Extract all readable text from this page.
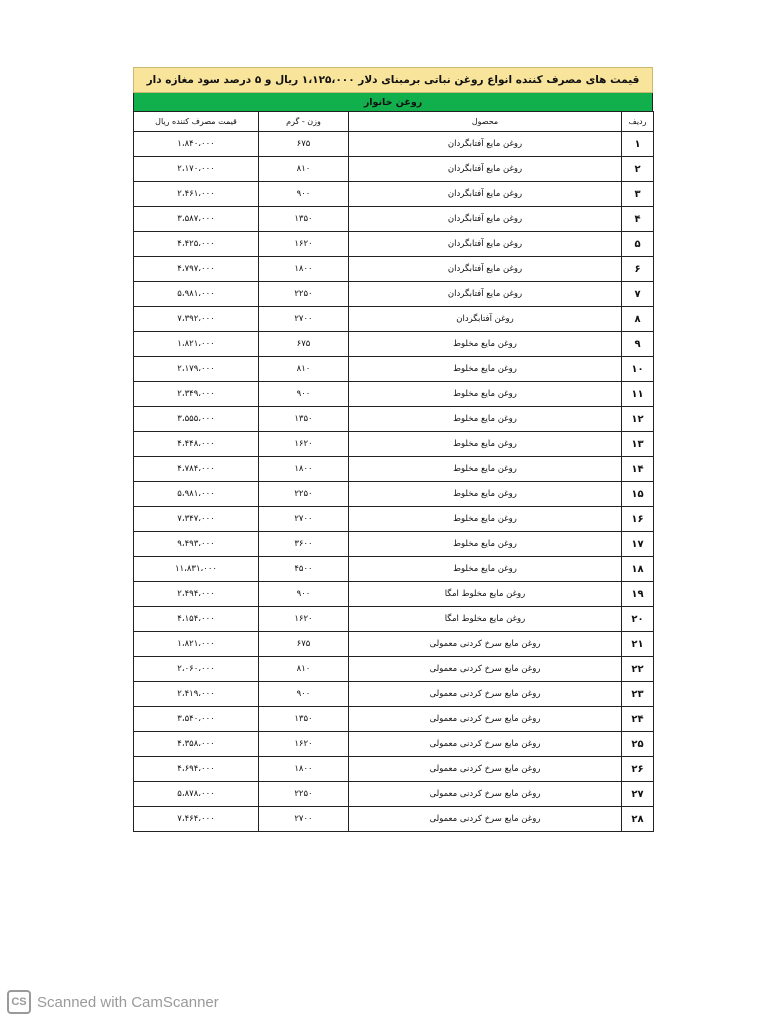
قیمت های مصرف کننده انواع روغن نباتی برمبنای دلار ۱،۱۲۵،۰۰۰ ریال و ۵ درصد سود مغازه دار
روغن خانوار
ردیف	محصول	وزن - گرم	قیمت مصرف کننده ریال
۱	روغن مایع آفتابگردان	۶۷۵	۱،۸۴۰،۰۰۰
۲	روغن مایع آفتابگردان	۸۱۰	۲،۱۷۰،۰۰۰
۳	روغن مایع آفتابگردان	۹۰۰	۲،۴۶۱،۰۰۰
۴	روغن مایع آفتابگردان	۱۳۵۰	۳،۵۸۷،۰۰۰
۵	روغن مایع آفتابگردان	۱۶۲۰	۴،۴۲۵،۰۰۰
۶	روغن مایع آفتابگردان	۱۸۰۰	۴،۷۹۷،۰۰۰
۷	روغن مایع آفتابگردان	۲۲۵۰	۵،۹۸۱،۰۰۰
۸	روغن آفتابگردان	۲۷۰۰	۷،۳۹۲،۰۰۰
۹	روغن مایع مخلوط	۶۷۵	۱،۸۲۱،۰۰۰
۱۰	روغن مایع مخلوط	۸۱۰	۲،۱۷۹،۰۰۰
۱۱	روغن مایع مخلوط	۹۰۰	۲،۳۴۹،۰۰۰
۱۲	روغن مایع مخلوط	۱۳۵۰	۳،۵۵۵،۰۰۰
۱۳	روغن مایع مخلوط	۱۶۲۰	۴،۴۴۸،۰۰۰
۱۴	روغن مایع مخلوط	۱۸۰۰	۴،۷۸۴،۰۰۰
۱۵	روغن مایع مخلوط	۲۲۵۰	۵،۹۸۱،۰۰۰
۱۶	روغن مایع مخلوط	۲۷۰۰	۷،۳۴۷،۰۰۰
۱۷	روغن مایع مخلوط	۳۶۰۰	۹،۴۹۳،۰۰۰
۱۸	روغن مایع مخلوط	۴۵۰۰	۱۱،۸۳۱،۰۰۰
۱۹	روغن مایع مخلوط امگا	۹۰۰	۲،۴۹۴،۰۰۰
۲۰	روغن مایع مخلوط امگا	۱۶۲۰	۴،۱۵۴،۰۰۰
۲۱	روغن مایع سرخ کردنی معمولی	۶۷۵	۱،۸۲۱،۰۰۰
۲۲	روغن مایع سرخ کردنی معمولی	۸۱۰	۲،۰۶۰،۰۰۰
۲۳	روغن مایع سرخ کردنی معمولی	۹۰۰	۲،۴۱۹،۰۰۰
۲۴	روغن مایع سرخ کردنی معمولی	۱۳۵۰	۳،۵۴۰،۰۰۰
۲۵	روغن مایع سرخ کردنی معمولی	۱۶۲۰	۴،۳۵۸،۰۰۰
۲۶	روغن مایع سرخ کردنی معمولی	۱۸۰۰	۴،۶۹۴،۰۰۰
۲۷	روغن مایع سرخ کردنی معمولی	۲۲۵۰	۵،۸۷۸،۰۰۰
۲۸	روغن مایع سرخ کردنی معمولی	۲۷۰۰	۷،۴۶۴،۰۰۰
CS Scanned with CamScanner
